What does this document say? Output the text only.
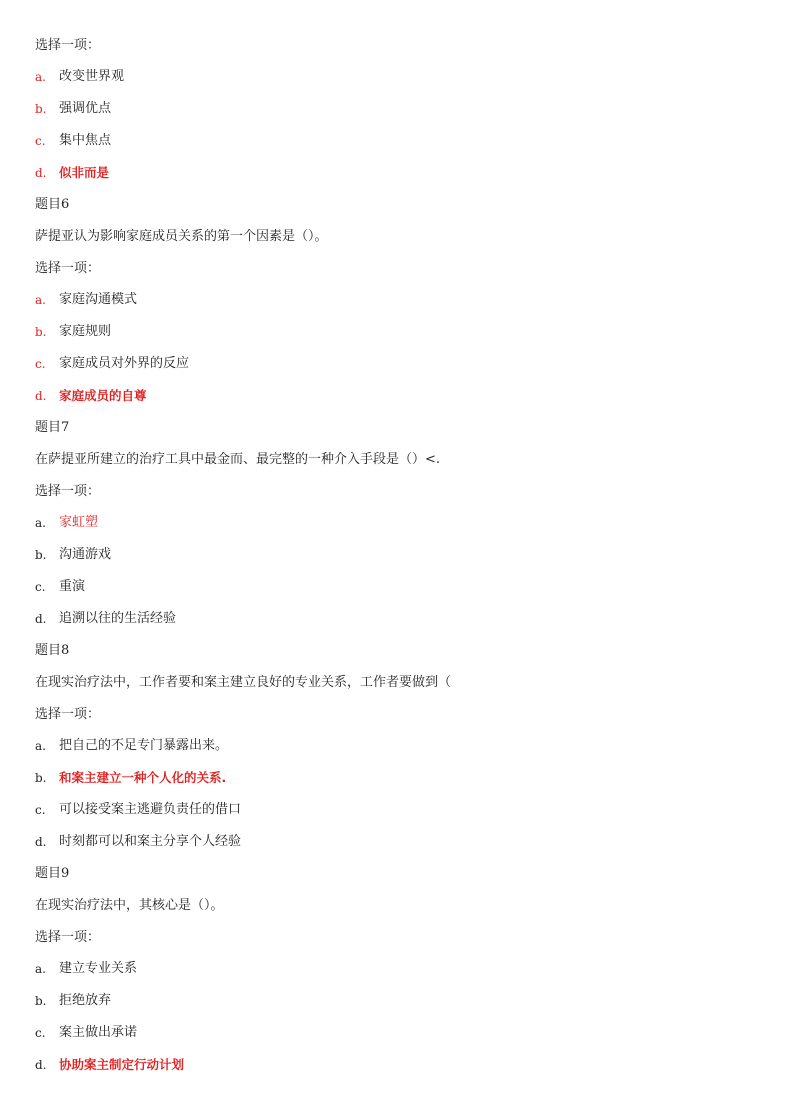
选择一项：
a.	改变世界观
b. 强调优点
c.	集中焦点
d.	似非而是
题目6
萨提亚认为影响家庭成员关系的第一个因素是（）。
选择一项：
a.	家庭沟通模式
b. 家庭规则
c.	家庭成员对外界的反应
d.	家庭成员的自尊
题目7
在萨提亚所建立的治疗工具中最金而、最完整的一种介入手段是（）<.
选择一项：
a.	家虹塑
b. 沟通游戏
c.	重演
d. 追溯以往的生活经验
题目8
在现实治疗法中，工作者要和案主建立良好的专业关系，工作者要做到（
选择一项：
a.	把自己的不足专门暴露出来。
b.	和案主建立一种个人化的关系.
c.	可以接受案主逃避负责任的借口
d. 时刻都可以和案主分享个人经验
题目9
在现实治疗法中，其核心是（）。
选择一项：
a.	建立专业关系
b. 拒绝放弃
c.	案主做出承诺
d.	协助案主制定行动计划
